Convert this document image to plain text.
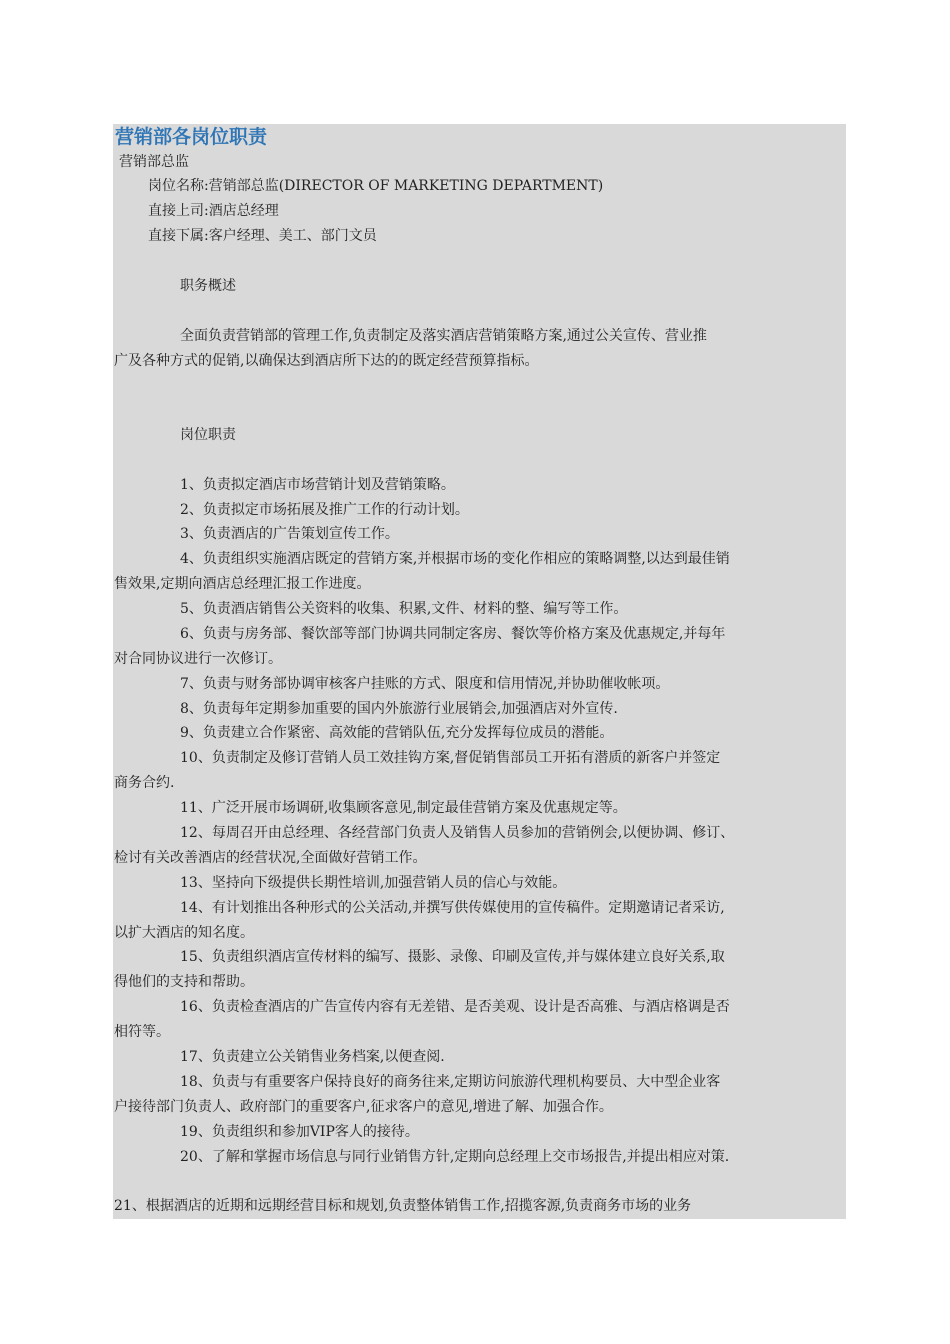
营销部各岗位职责
营销部总监
岗位名称:营销部总监(DIRECTOR OF MARKETING DEPARTMENT)
直接上司:酒店总经理
直接下属:客户经理、美工、部门文员
职务概述
全面负责营销部的管理工作,负责制定及落实酒店营销策略方案,通过公关宣传、营业推
广及各种方式的促销,以确保达到酒店所下达的的既定经营预算指标。
岗位职责
1、负责拟定酒店市场营销计划及营销策略。
2、负责拟定市场拓展及推广工作的行动计划。
3、负责酒店的广告策划宣传工作。
4、负责组织实施酒店既定的营销方案,并根据市场的变化作相应的策略调整,以达到最佳销
售效果,定期向酒店总经理汇报工作进度。
5、负责酒店销售公关资料的收集、积累,文件、材料的整、编写等工作。
6、负责与房务部、餐饮部等部门协调共同制定客房、餐饮等价格方案及优惠规定,并每年
对合同协议进行一次修订。
7、负责与财务部协调审核客户挂账的方式、限度和信用情况,并协助催收帐项。
8、负责每年定期参加重要的国内外旅游行业展销会,加强酒店对外宣传.
9、负责建立合作紧密、高效能的营销队伍,充分发挥每位成员的潜能。
10、负责制定及修订营销人员工效挂钩方案,督促销售部员工开拓有潜质的新客户并签定
商务合约.
11、广泛开展市场调研,收集顾客意见,制定最佳营销方案及优惠规定等。
12、每周召开由总经理、各经营部门负责人及销售人员参加的营销例会,以便协调、修订、
检讨有关改善酒店的经营状况,全面做好营销工作。
13、坚持向下级提供长期性培训,加强营销人员的信心与效能。
14、有计划推出各种形式的公关活动,并撰写供传媒使用的宣传稿件。定期邀请记者采访,
以扩大酒店的知名度。
15、负责组织酒店宣传材料的编写、摄影、录像、印刷及宣传,并与媒体建立良好关系,取
得他们的支持和帮助。
16、负责检查酒店的广告宣传内容有无差错、是否美观、设计是否高雅、与酒店格调是否
相符等。
17、负责建立公关销售业务档案,以便查阅.
18、负责与有重要客户保持良好的商务往来,定期访问旅游代理机构要员、大中型企业客
户接待部门负责人、政府部门的重要客户,征求客户的意见,增进了解、加强合作。
19、负责组织和参加VIP客人的接待。
20、了解和掌握市场信息与同行业销售方针,定期向总经理上交市场报告,并提出相应对策.
21、根据酒店的近期和远期经营目标和规划,负责整体销售工作,招揽客源,负责商务市场的业务
